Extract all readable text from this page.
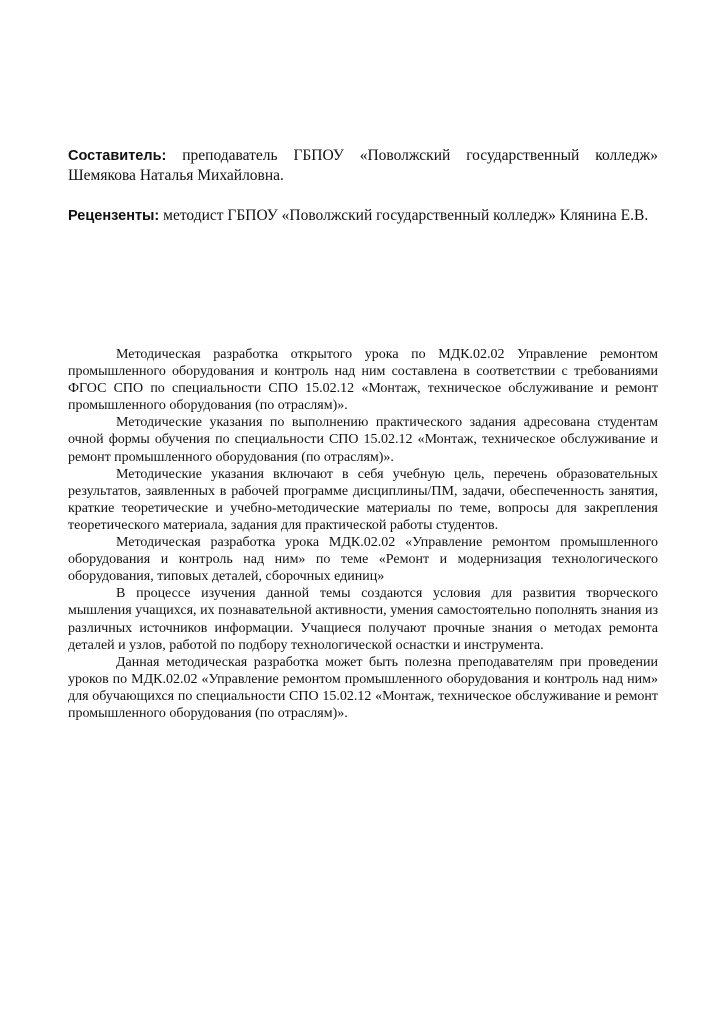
Составитель: преподаватель ГБПОУ «Поволжский государственный колледж» Шемякова Наталья Михайловна.
Рецензенты: методист ГБПОУ «Поволжский государственный колледж» Клянина Е.В.

Методическая разработка открытого урока по МДК.02.02 Управление ремонтом промышленного оборудования и контроль над ним составлена в соответствии с требованиями ФГОС СПО по специальности СПО 15.02.12 «Монтаж, техническое обслуживание и ремонт промышленного оборудования (по отраслям)».

Методические указания по выполнению практического задания адресована студентам очной формы обучения по специальности СПО 15.02.12 «Монтаж, техническое обслуживание и ремонт промышленного оборудования (по отраслям)».

Методические указания включают в себя учебную цель, перечень образовательных результатов, заявленных в рабочей программе дисциплины/ПМ, задачи, обеспеченность занятия, краткие теоретические и учебно-методические материалы по теме, вопросы для закрепления теоретического материала, задания для практической работы студентов.

Методическая разработка урока МДК.02.02 «Управление ремонтом промышленного оборудования и контроль над ним» по теме «Ремонт и модернизация технологического оборудования, типовых деталей, сборочных единиц»

В процессе изучения данной темы создаются условия для развития творческого мышления учащихся, их познавательной активности, умения самостоятельно пополнять знания из различных источников информации. Учащиеся получают прочные знания о методах ремонта деталей и узлов, работой по подбору технологической оснастки и инструмента.

Данная методическая разработка может быть полезна преподавателям при проведении уроков по МДК.02.02 «Управление ремонтом промышленного оборудования и контроль над ним» для обучающихся по специальности СПО 15.02.12 «Монтаж, техническое обслуживание и ремонт промышленного оборудования (по отраслям)».
